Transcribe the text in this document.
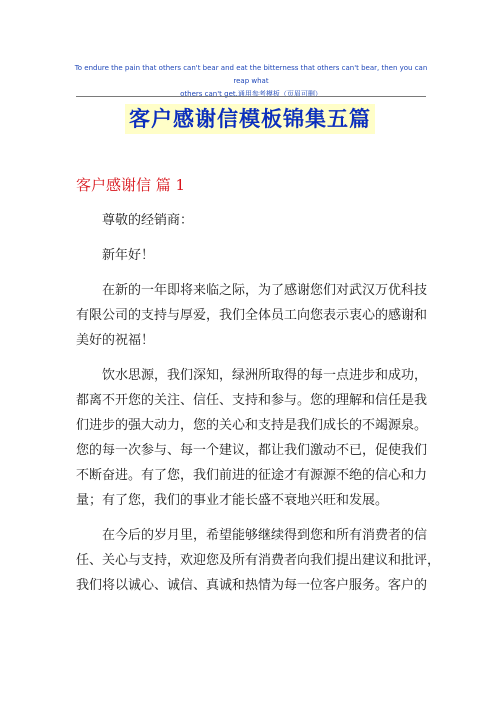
To endure the pain that others can't bear and eat the bitterness that others can't bear, then you can reap what
others can't get.通用参考模板（页眉可删）
客户感谢信模板锦集五篇
客户感谢信 篇 1

尊敬的经销商：

新年好！

在新的一年即将来临之际，为了感谢您们对武汉万优科技
有限公司的支持与厚爱，我们全体员工向您表示衷心的感谢和
美好的祝福！

饮水思源，我们深知，绿洲所取得的每一点进步和成功，
都离不开您的关注、信任、支持和参与。您的理解和信任是我
们进步的强大动力，您的关心和支持是我们成长的不竭源泉。
您的每一次参与、每一个建议，都让我们激动不已，促使我们
不断奋进。有了您，我们前进的征途才有源源不绝的信心和力
量；有了您，我们的事业才能长盛不衰地兴旺和发展。

在今后的岁月里，希望能够继续得到您和所有消费者的信
任、关心与支持，欢迎您及所有消费者向我们提出建议和批评，
我们将以诚心、诚信、真诚和热情为每一位客户服务。客户的
